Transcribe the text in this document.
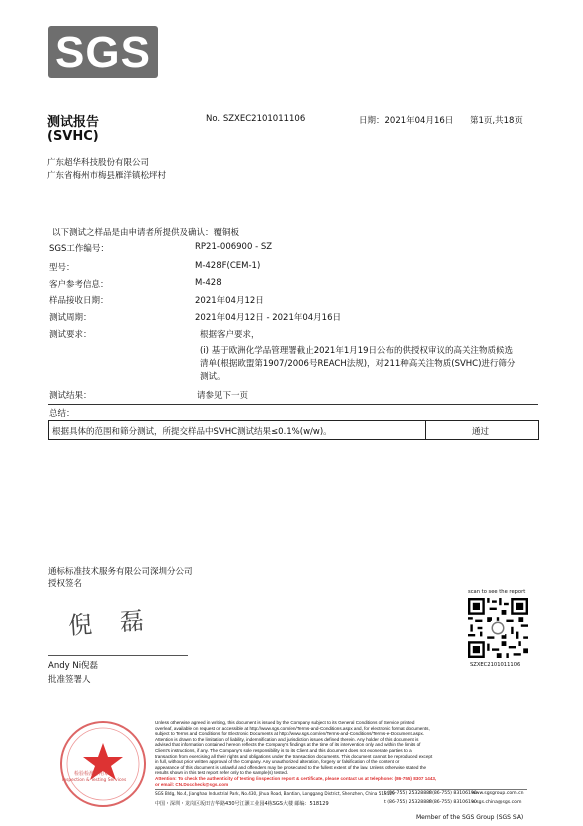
SGS
测试报告
(SVHC)
No. SZXEC2101011106	日期：2021年04月16日 第1页,共18页
广东超华科技股份有限公司
广东省梅州市梅县雁洋镇松坪村
以下测试之样品是由申请者所提供及确认：覆铜板
SGS工作编号：	RP21-006900 - SZ
型号：	M-428F(CEM-1)
客户参考信息：	M-428
样品接收日期：	2021年04月12日
测试周期：	2021年04月12日 - 2021年04月16日
测试要求：	根据客户要求，
(i) 基于欧洲化学品管理署截止2021年1月19日公布的供授权审议的高关注物质候选
清单(根据欧盟第1907/2006号REACH法规)，对211种高关注物质(SVHC)进行筛分
测试。
测试结果：	请参见下一页
总结：
根据具体的范围和筛分测试，所提交样品中SVHC测试结果≤0.1%(w/w)。	通过
通标标准技术服务有限公司深圳分公司
授权签名
倪 磊
Andy Ni倪磊
批准签署人
scan to see the report
SZXEC2101011106
检验检测专用章
Inspection & Testing Services
Unless otherwise agreed in writing, this document is issued by the Company subject to its General Conditions of Service printed
overleaf, available on request or accessible at http://www.sgs.com/en/Terms-and-Conditions.aspx and, for electronic format documents,
subject to Terms and Conditions for Electronic Documents at http://www.sgs.com/en/Terms-and-Conditions/Terms-e-Document.aspx.
Attention is drawn to the limitation of liability, indemnification and jurisdiction issues defined therein. Any holder of this document is
advised that information contained hereon reflects the Company's findings at the time of its intervention only and within the limits of
Client's instructions, if any. The Company's sole responsibility is to its Client and this document does not exonerate parties to a
transaction from exercising all their rights and obligations under the transaction documents. This document cannot be reproduced except
in full, without prior written approval of the Company. Any unauthorized alteration, forgery or falsification of the content or
appearance of this document is unlawful and offenders may be prosecuted to the fullest extent of the law. Unless otherwise stated the
results shown in this test report refer only to the sample(s) tested.
Attention: To check the authenticity of testing /inspection report & certificate, please contact us at telephone: (86-755) 8307 1443,
or email: CN.Doccheck@sgs.com
SGS Bldg, No.4, Jianghao Industrial Park, No.430, Jihua Road, Bantian, Longgang District, Shenzhen, China 518129
t (86-755) 25328888
f (86-755) 83106190
www.sgsgroup.com.cn
中国・深圳・龙岗区坂田吉华路430号江灏工业园4栋SGS大楼 邮编：518129	t (86-755) 25328888
f (86-755) 83106190
e sgs.china@sgs.com
Member of the SGS Group (SGS SA)
